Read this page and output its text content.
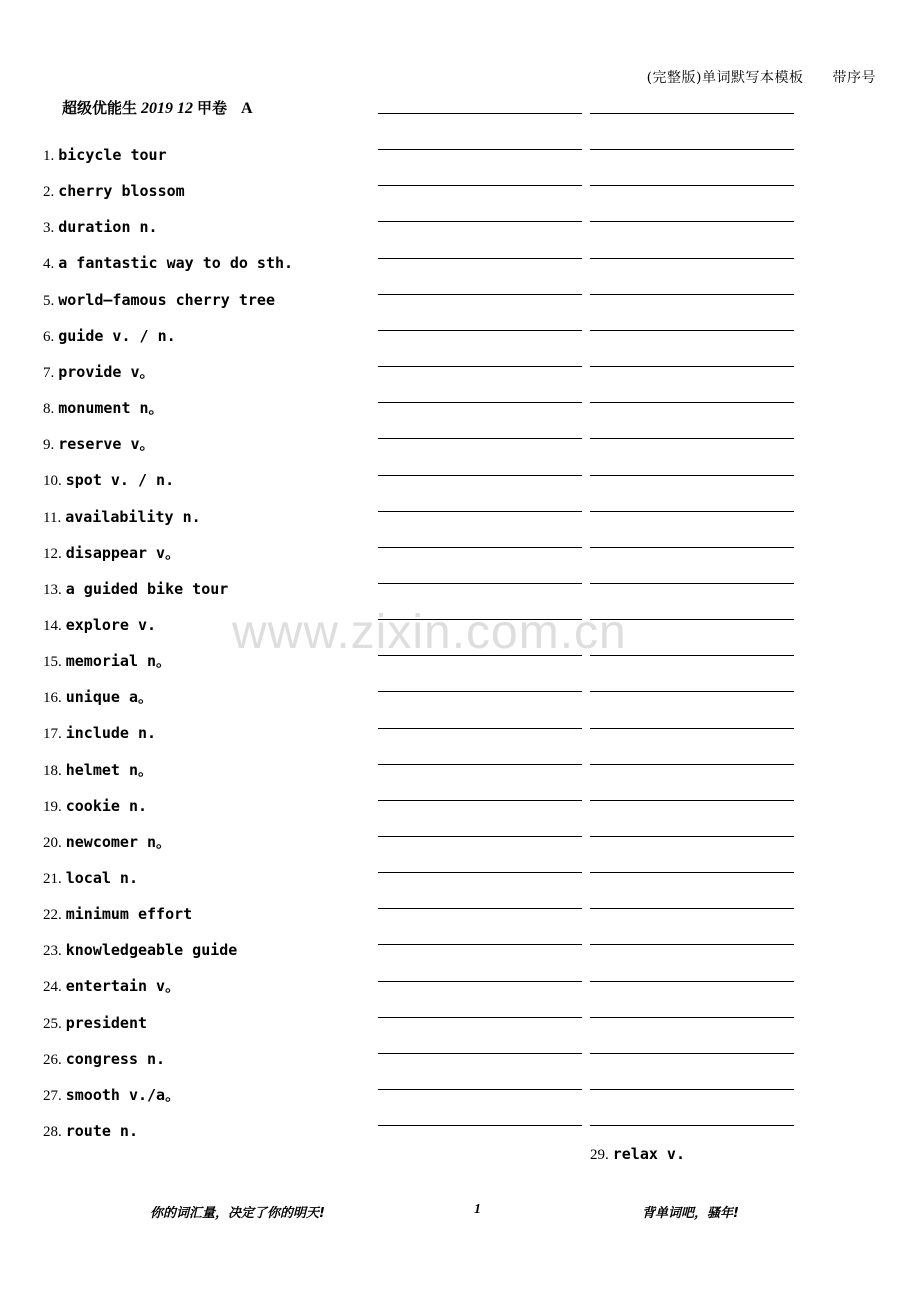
(完整版)单词默写本模板　　带序号
超级优能生 2019 12 甲卷 A
www.zixin.com.cn
1. bicycle tour
2. cherry blossom
3. duration n.
4. a fantastic way to do sth.
5. world—famous cherry tree
6. guide v. / n.
7. provide v。
8. monument n。
9. reserve v。
10. spot v. / n.
11. availability n.
12. disappear v。
13. a guided bike tour
14. explore v.
15. memorial n。
16. unique a。
17. include n.
18. helmet n。
19. cookie n.
20. newcomer n。
21. local n.
22. minimum effort
23. knowledgeable guide
24. entertain v。
25. president
26. congress n.
27. smooth v./a。
28. route n.
29. relax v.
你的词汇量，决定了你的明天!	1	背单词吧，骚年!
